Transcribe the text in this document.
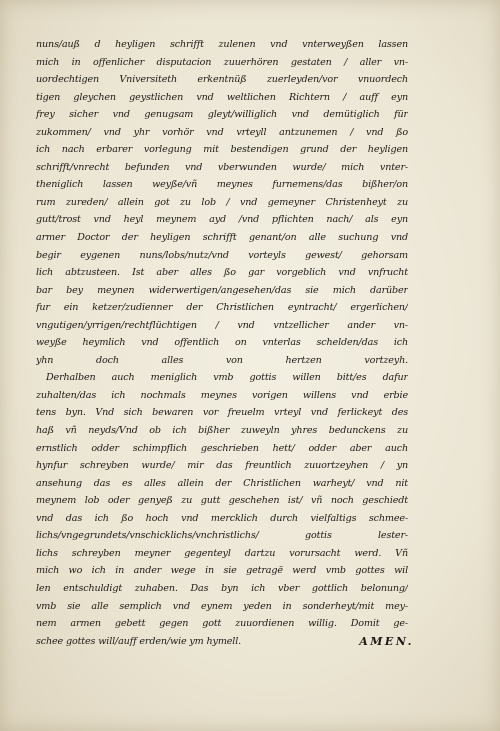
nuns/auß d heyligen schrifft zulenen vnd vnterweyßen lassen
mich in offenlicher disputacion zuuerhören gestaten / aller vn-
uordechtigen Vniversiteth erkentnüß zuerleyden/vor vnuordech
tigen gleychen geystlichen vnd weltlichen Richtern / auff eyn
frey sicher vnd genugsam gleyt/williglich vnd demütiglich für
zukommen/ vnd yhr vorhör vnd vrteyll antzunemen / vnd ßo
ich nach erbarer vorlegung mit bestendigen grund der heyligen
schrifft/vnrecht befunden vnd vberwunden wurde/ mich vnter-
theniglich lassen weyße/vñ meynes furnemens/das bißher/on
rum zureden/ allein got zu lob / vnd gemeyner Christenheyt zu
gutt/trost vnd heyl meynem ayd /vnd pflichten nach/ als eyn
armer Doctor der heyligen schrifft genant/on alle suchung vnd
begir eygenen nuns/lobs/nutz/vnd vorteyls gewest/ gehorsam
lich abtzusteen. Ist aber alles ßo gar vorgeblich vnd vnfrucht
bar bey meynen widerwertigen/angesehen/das sie mich darüber
fur ein ketzer/zudienner der Christlichen eyntracht/ ergerlichen/
vngutigen/yrrigen/rechtflüchtigen / vnd vntzellicher ander vn-
weyße heymlich vnd offentlich on vnterlas schelden/das ich
yhn doch alles von hertzen vortzeyh.
Derhalben auch meniglich vmb gottis willen bitt/es dafur
zuhalten/das ich nochmals meynes vorigen willens vnd erbie
tens byn. Vnd sich bewaren vor freuelm vrteyl vnd ferlickeyt des
haß vñ neyds/Vnd ob ich bißher zuweyln yhres bedunckens zu
ernstlich odder schimpflich geschrieben hett/ odder aber auch
hynfur schreyben wurde/ mir das freuntlich zuuortzeyhen / yn
ansehung das es alles allein der Christlichen warheyt/ vnd nit
meynem lob oder genyeß zu gutt geschehen ist/ vñ noch geschiedt
vnd das ich ßo hoch vnd mercklich durch vielfaltigs schmee-
lichs/vngegrundets/vnschicklichs/vnchristlichs/ gottis lester-
lichs schreyben meyner gegenteyl dartzu vorursacht werd. Vñ
mich wo ich in ander wege in sie getragë werd vmb gottes wil
len entschuldigt zuhaben. Das byn ich vber gottlich belonung/
vmb sie alle semplich vnd eynem yeden in sonderheyt/mit mey-
nem armen gebett gegen gott zuuordienen willig. Domit ge-
schee gottes will/auff erden/wie ym hymell.	AMEN.
